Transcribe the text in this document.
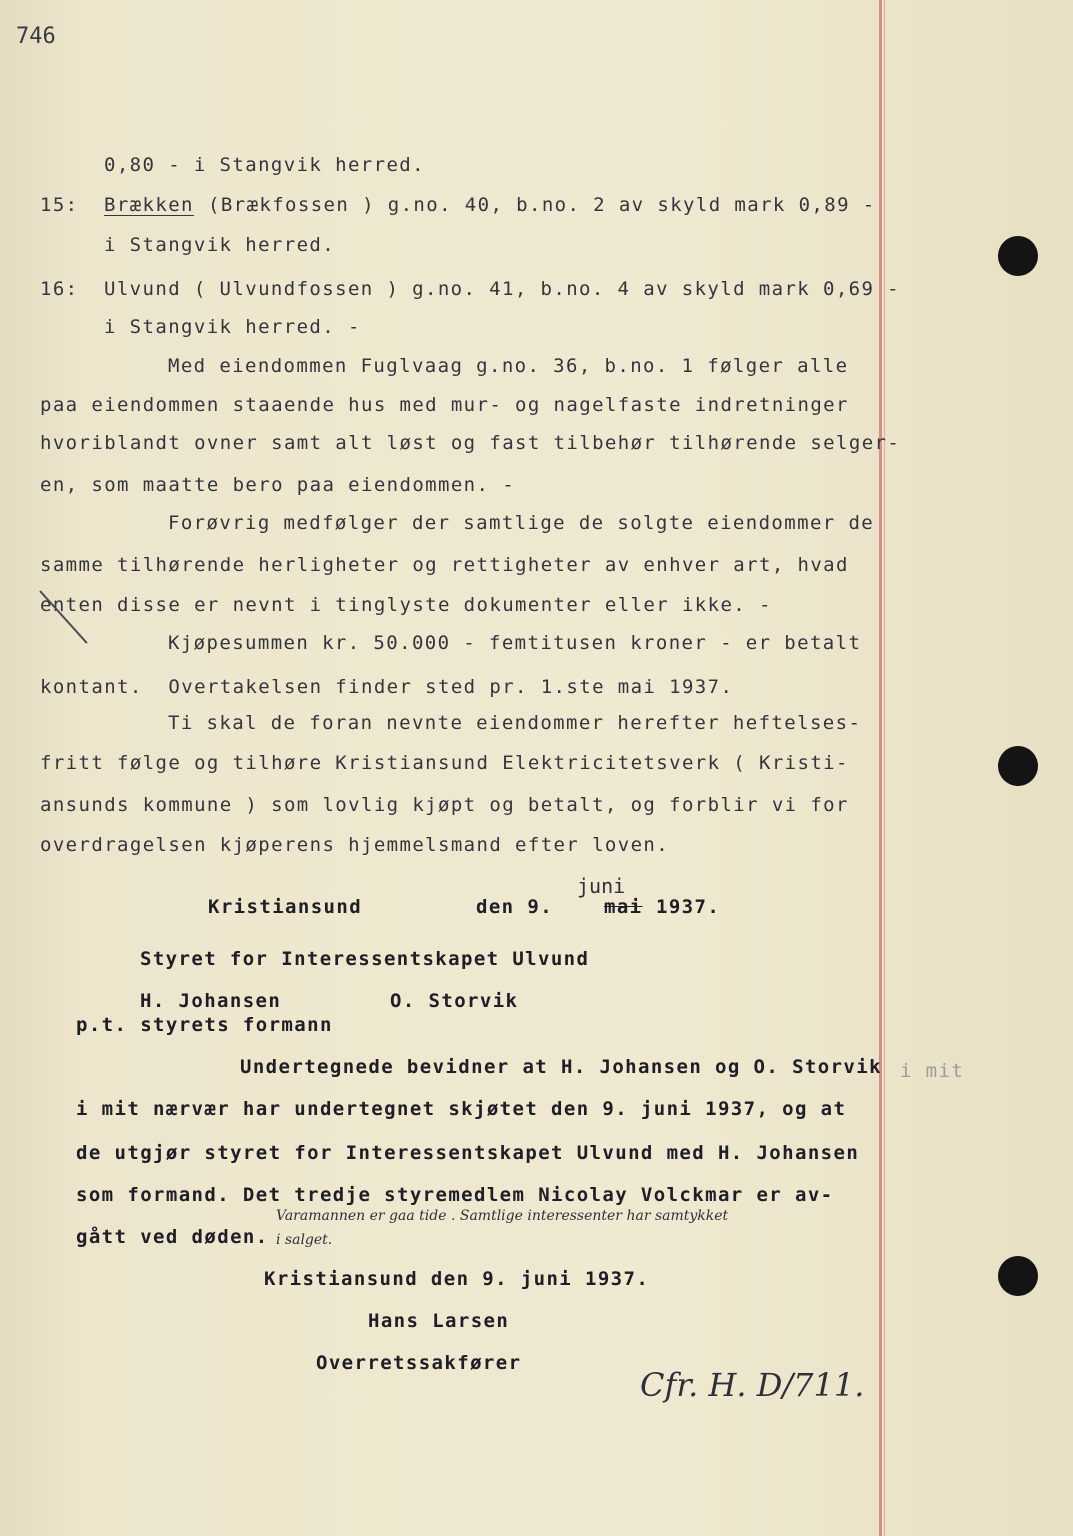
746
0,80 - i Stangvik herred.
15: Brækken (Brækfossen ) g.no. 40, b.no. 2 av skyld mark 0,89 -
i Stangvik herred.
16: Ulvund ( Ulvundfossen ) g.no. 41, b.no. 4 av skyld mark 0,69 -
i Stangvik herred. -
Med eiendommen Fuglvaag g.no. 36, b.no. 1 følger alle
paa eiendommen staaende hus med mur- og nagelfaste indretninger
hvoriblandt ovner samt alt løst og fast tilbehør tilhørende selger-
en, som maatte bero paa eiendommen. -
Forøvrig medfølger der samtlige de solgte eiendommer de
samme tilhørende herligheter og rettigheter av enhver art, hvad
enten disse er nevnt i tinglyste dokumenter eller ikke. -
Kjøpesummen kr. 50.000 - femtitusen kroner - er betalt
kontant.  Overtakelsen finder sted pr. 1.ste mai 1937.
Ti skal de foran nevnte eiendommer herefter heftelses-
fritt følge og tilhøre Kristiansund Elektricitetsverk ( Kristi-
ansunds kommune ) som lovlig kjøpt og betalt, og forblir vi for
overdragelsen kjøperens hjemmelsmand efter loven.
Kristiansund	den 9.
juni
mai 1937.
Styret for Interessentskapet Ulvund
H. Johansen	O. Storvik
p.t. styrets formann
Undertegnede bevidner at H. Johansen og O. Storvik i mit
i mit nærvær har undertegnet skjøtet den 9. juni 1937, og at
de utgjør styret for Interessentskapet Ulvund med H. Johansen
som formand. Det tredje styremedlem Nicolay Volckmar er av-
gått ved døden.
Varamannen er gaa tide . Samtlige interessenter har samtykket
i salget.
Kristiansund den 9. juni 1937.
Hans Larsen
Overretssakfører
Cfr. H. D/711.
